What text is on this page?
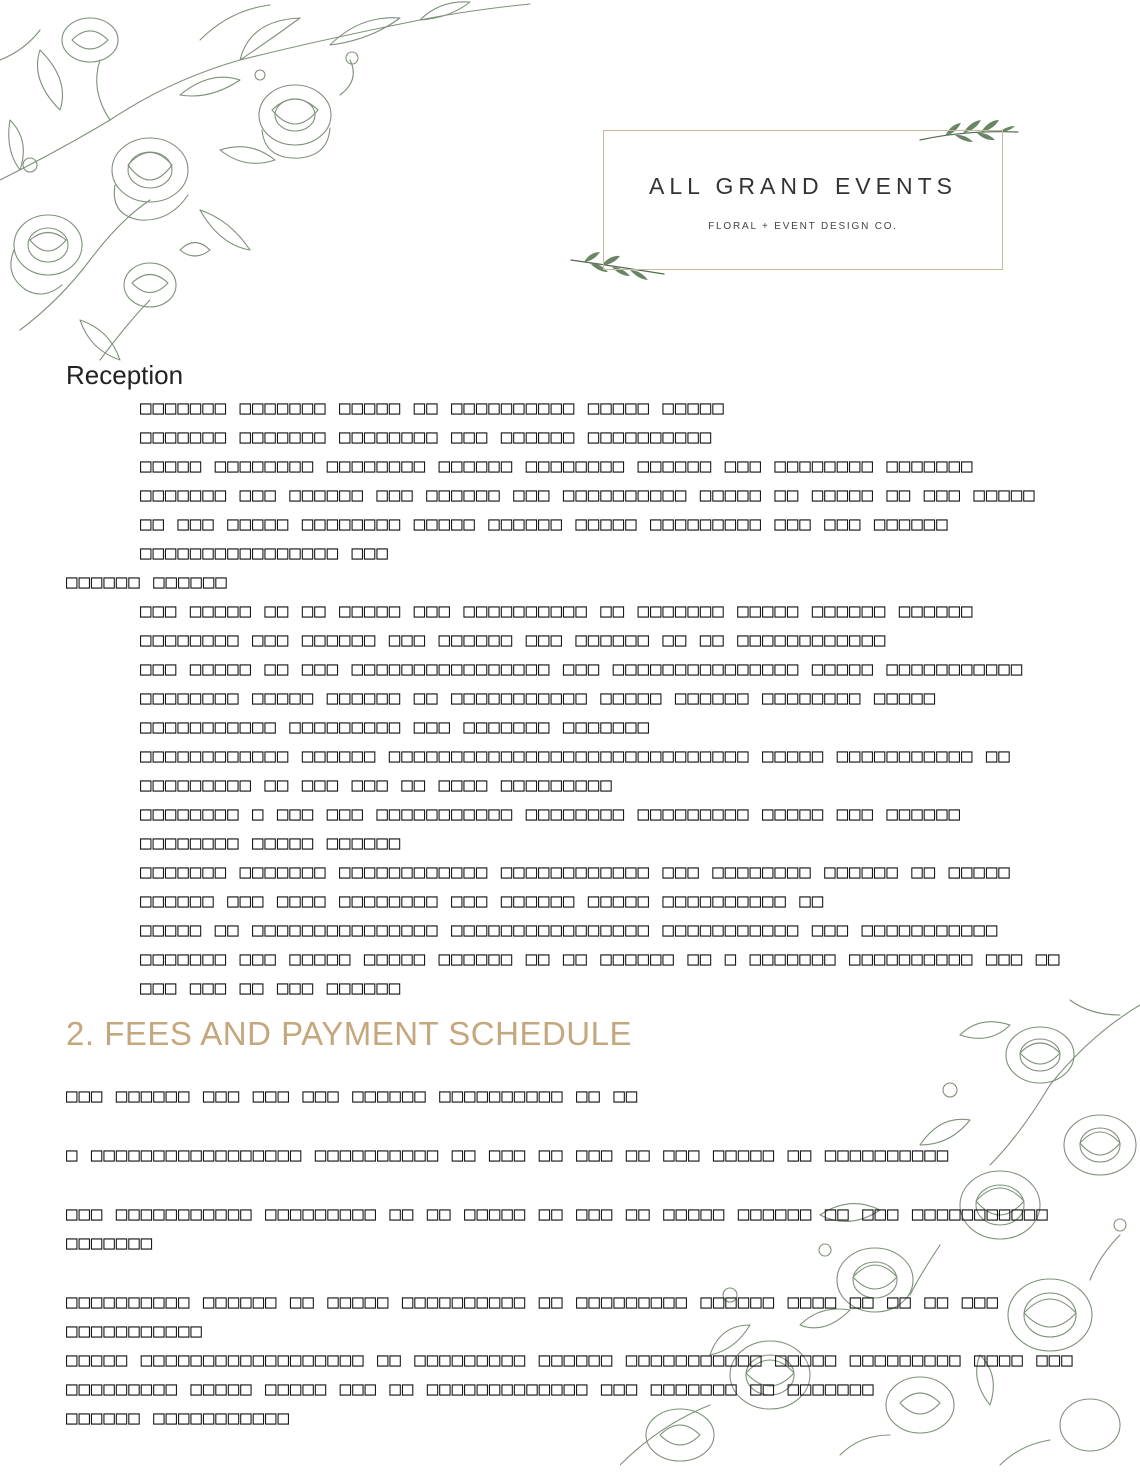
ALL GRAND EVENTS
FLORAL + EVENT DESIGN CO.
Reception
□□□□□□□ □□□□□□□ □□□□□ □□ □□□□□□□□□□ □□□□□ □□□□□
□□□□□□□ □□□□□□□ □□□□□□□□ □□□ □□□□□□ □□□□□□□□□□
□□□□□ □□□□□□□□ □□□□□□□□ □□□□□□ □□□□□□□□ □□□□□□ □□□ □□□□□□□□ □□□□□□□
□□□□□□□ □□□ □□□□□□ □□□ □□□□□□ □□□ □□□□□□□□□□ □□□□□ □□ □□□□□ □□ □□□ □□□□□ □□ □□□ □□□□□ □□□□□□□□ □□□□□ □□□□□□ □□□□□ □□□□□□□□□ □□□ □□□ □□□□□□ □□□□□□□□□□□□□□□□ □□□
□□□□□□ □□□□□□
□□□ □□□□□ □□ □□ □□□□□ □□□ □□□□□□□□□□ □□ □□□□□□□ □□□□□ □□□□□□ □□□□□□ □□□□□□□□ □□□ □□□□□□ □□□ □□□□□□ □□□ □□□□□□ □□ □□ □□□□□□□□□□□□
□□□ □□□□□ □□ □□□ □□□□□□□□□□□□□□□□ □□□ □□□□□□□□□□□□□□□ □□□□□ □□□□□□□□□□□ □□□□□□□□ □□□□□ □□□□□□ □□ □□□□□□□□□□□ □□□□□ □□□□□□ □□□□□□□□ □□□□□ □□□□□□□□□□□ □□□□□□□□□ □□□ □□□□□□□ □□□□□□□
□□□□□□□□□□□□ □□□□□□ □□□□□□□□□□□□□□□□□□□□□□□□□□□□□ □□□□□ □□□□□□□□□□□ □□ □□□□□□□□□ □□ □□□ □□□ □□ □□□□ □□□□□□□□□
□□□□□□□□ □ □□□ □□□ □□□□□□□□□□□ □□□□□□□□ □□□□□□□□□ □□□□□ □□□ □□□□□□ □□□□□□□□ □□□□□ □□□□□□
□□□□□□□ □□□□□□□ □□□□□□□□□□□□ □□□□□□□□□□□□ □□□ □□□□□□□□ □□□□□□ □□ □□□□□ □□□□□□ □□□ □□□□ □□□□□□□□ □□□ □□□□□□ □□□□□ □□□□□□□□□□ □□
□□□□□ □□ □□□□□□□□□□□□□□□ □□□□□□□□□□□□□□□□ □□□□□□□□□□□ □□□ □□□□□□□□□□□ □□□□□□□ □□□ □□□□□ □□□□□ □□□□□□ □□ □□ □□□□□□ □□ □ □□□□□□□ □□□□□□□□□□ □□□ □□ □□□ □□□ □□ □□□ □□□□□□
2. FEES AND PAYMENT SCHEDULE

□□□ □□□□□□ □□□ □□□ □□□ □□□□□□ □□□□□□□□□□ □□ □□

□ □□□□□□□□□□□□□□□□□ □□□□□□□□□□ □□ □□□ □□ □□□ □□ □□□ □□□□□ □□ □□□□□□□□□□

□□□ □□□□□□□□□□□ □□□□□□□□□ □□ □□ □□□□□ □□ □□□ □□ □□□□□ □□□□□□ □□ □□□ □□□□□□□□□□□ □□□□□□□

□□□□□□□□□□ □□□□□□ □□ □□□□□ □□□□□□□□□□ □□ □□□□□□□□□ □□□□□□ □□□□ □□ □□ □□ □□□ □□□□□□□□□□□
□□□□□ □□□□□□□□□□□□□□□□□□ □□ □□□□□□□□□ □□□□□□ □□□□□□□□□□□ □□□□□ □□□□□□□□□ □□□□ □□□
□□□□□□□□□ □□□□□ □□□□□ □□□ □□ □□□□□□□□□□□□□ □□□ □□□□□□□ □□ □□□□□□□
□□□□□□ □□□□□□□□□□□
